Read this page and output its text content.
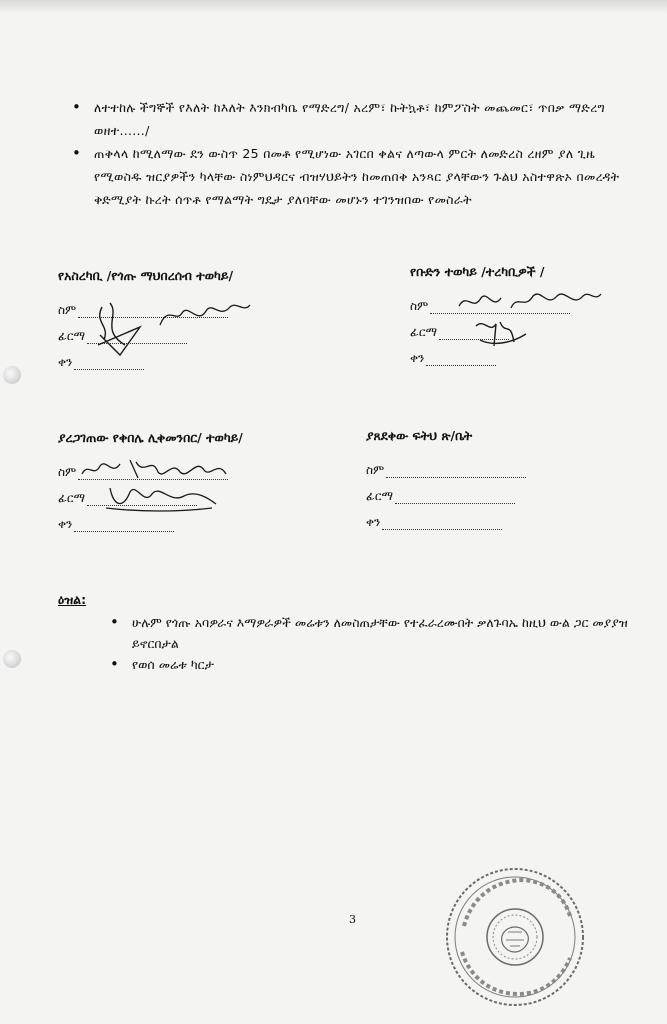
• ለተተከሉ ችግኞች የእለት ከእለት እንክብካቤ የማድረግ/ አረም፣ ኩትኳቶ፣ ከምፖስት መጨመር፣ ጥበቃ ማድረግ ወዘተ....../
• ጠቅላላ ከሚለማው ደን ውስጥ 25 በመቶ የሚሆነው አገርበ ቀልና ለጣውላ ምርት ለመድረስ ረዘም ያለ ጊዜ የሚወስዱ ዝርያዎችን ካላቸው ስነምህዳርና ብዝሃህይትን ከመጠበቅ አንጻር ያላቸውን ጉልህ አስተዋጽኦ በመረዳት ቅድሚያት ኩረት ሰጥቶ የማልማት ግዴታ ያለባቸው መሆኑን ተገንዝበው የመስራት
የአስረካቢ /የጎጡ ማህበረሰብ ተወካይ/
ስም
ፊርማ
ቀን
የቡድን ተወካይ /ተረካቢዎች /
ስም
ፊርማ
ቀን
ያረጋገጠው የቀበሌ ሊቀመንበር/ ተወካይ/
ስም
ፊርማ
ቀን
ያጸደቀው ፍትህ ጽ/ቤት
ስም
ፊርማ
ቀን
ዕዝል:
• ሁሉም የጎጡ አባዎራና እማዎራዎች መሬቱን ለመስጠታቸው የተፈራረሙበት ቃለጉባኤ ከዚህ ውል ጋር መያያዝ ይኖርበታል
• የወሰ መሬቱ ካርታ
3
